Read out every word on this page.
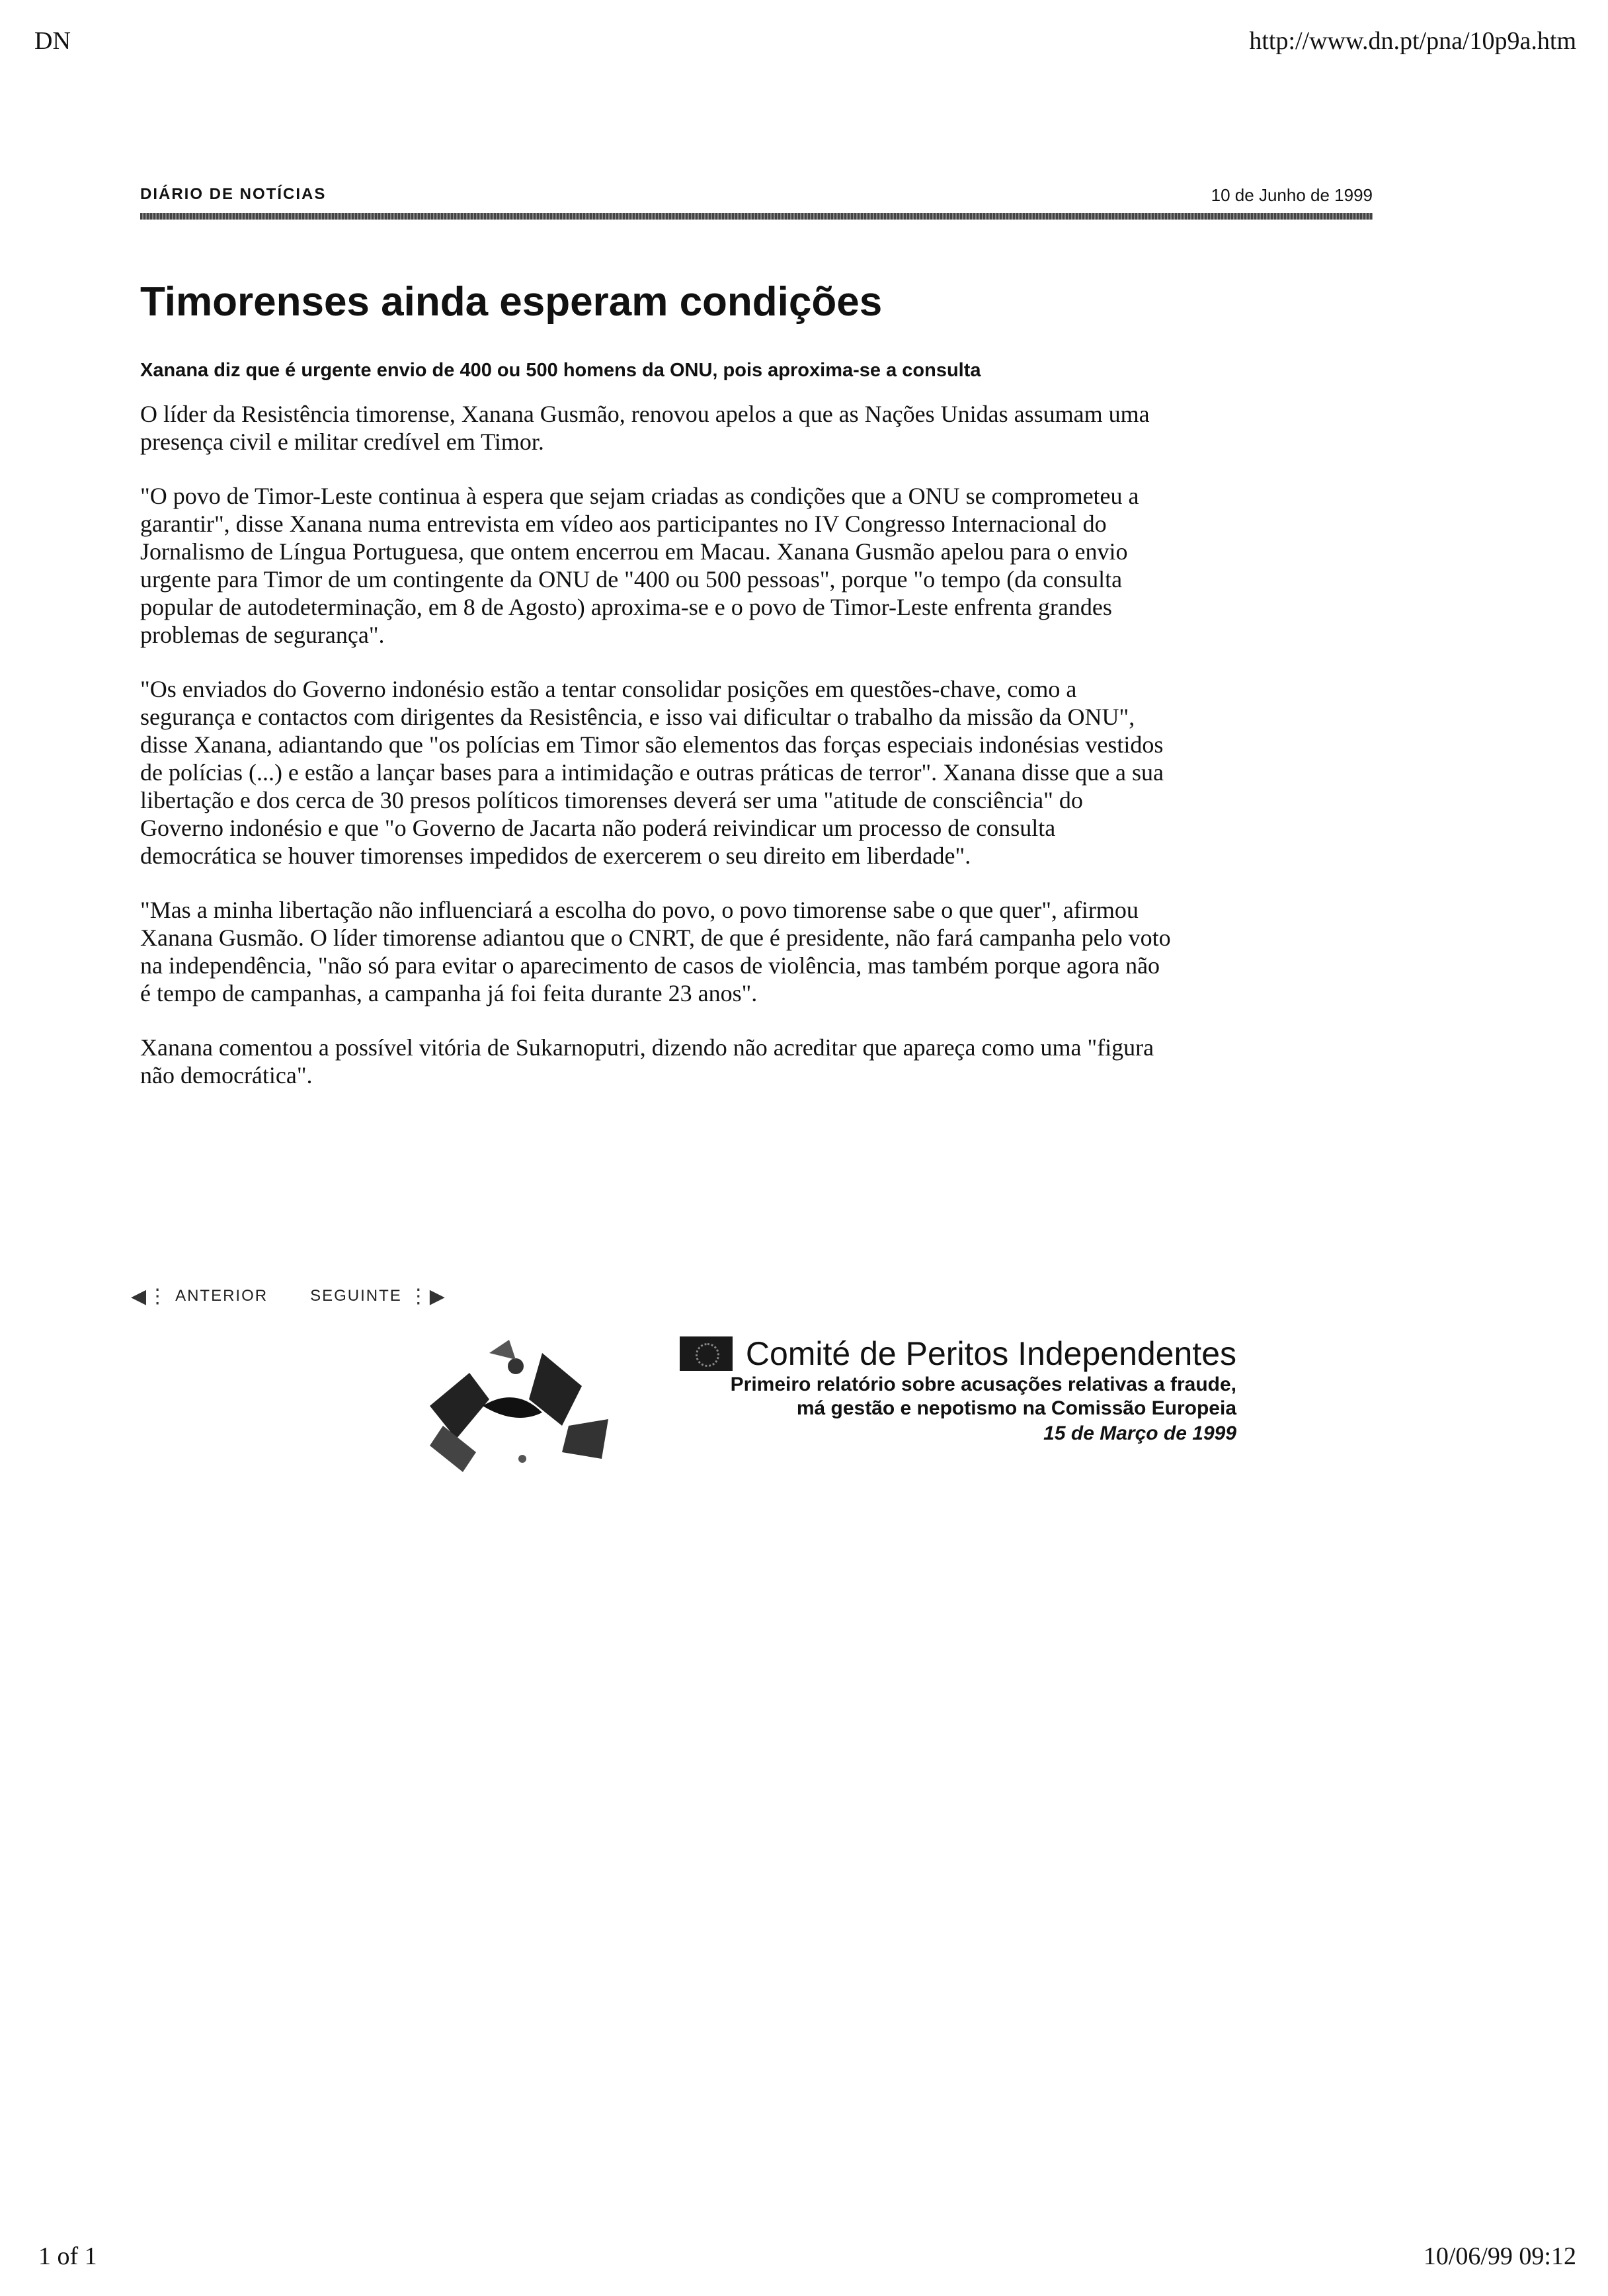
DN	http://www.dn.pt/pna/10p9a.htm
DIÁRIO DE NOTÍCIAS	10 de Junho de 1999
Timorenses ainda esperam condições
Xanana diz que é urgente envio de 400 ou 500 homens da ONU, pois aproxima-se a consulta

O líder da Resistência timorense, Xanana Gusmão, renovou apelos a que as Nações Unidas assumam uma presença civil e militar credível em Timor.

"O povo de Timor-Leste continua à espera que sejam criadas as condições que a ONU se comprometeu a garantir", disse Xanana numa entrevista em vídeo aos participantes no IV Congresso Internacional do Jornalismo de Língua Portuguesa, que ontem encerrou em Macau. Xanana Gusmão apelou para o envio urgente para Timor de um contingente da ONU de "400 ou 500 pessoas", porque "o tempo (da consulta popular de autodeterminação, em 8 de Agosto) aproxima-se e o povo de Timor-Leste enfrenta grandes problemas de segurança".

"Os enviados do Governo indonésio estão a tentar consolidar posições em questões-chave, como a segurança e contactos com dirigentes da Resistência, e isso vai dificultar o trabalho da missão da ONU", disse Xanana, adiantando que "os polícias em Timor são elementos das forças especiais indonésias vestidos de polícias (...) e estão a lançar bases para a intimidação e outras práticas de terror". Xanana disse que a sua libertação e dos cerca de 30 presos políticos timorenses deverá ser uma "atitude de consciência" do Governo indonésio e que "o Governo de Jacarta não poderá reivindicar um processo de consulta democrática se houver timorenses impedidos de exercerem o seu direito em liberdade".

"Mas a minha libertação não influenciará a escolha do povo, o povo timorense sabe o que quer", afirmou Xanana Gusmão. O líder timorense adiantou que o CNRT, de que é presidente, não fará campanha pelo voto na independência, "não só para evitar o aparecimento de casos de violência, mas também porque agora não é tempo de campanhas, a campanha já foi feita durante 23 anos".

Xanana comentou a possível vitória de Sukarnoputri, dizendo não acreditar que apareça como uma "figura não democrática".

◀⋮ ANTERIOR	SEGUINTE ⋮▶
Comité de Peritos Independentes
Primeiro relatório sobre acusações relativas a fraude,
má gestão e nepotismo na Comissão Europeia
15 de Março de 1999
1 of 1	10/06/99 09:12
